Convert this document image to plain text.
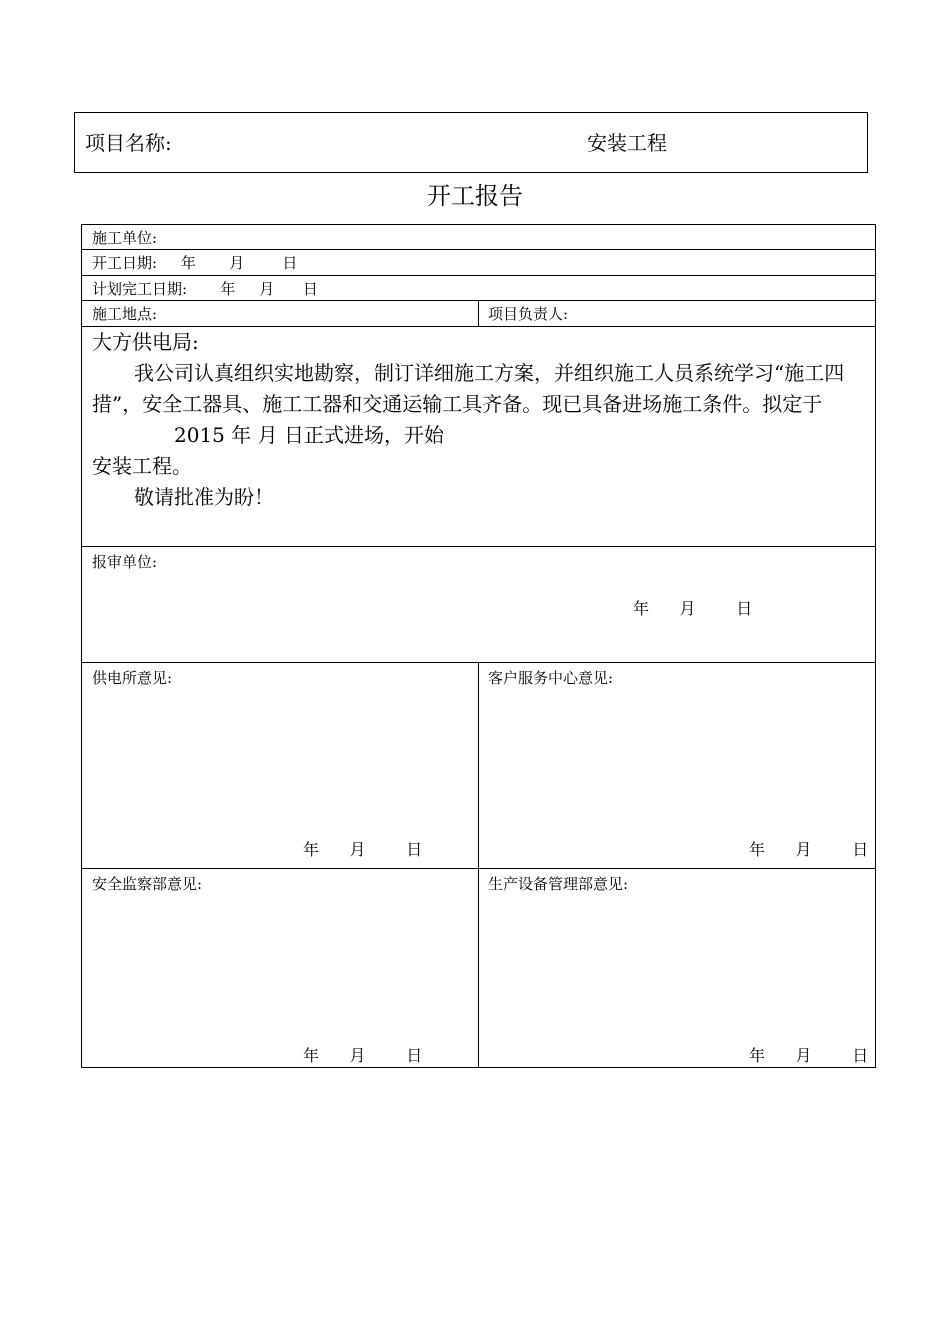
项目名称:	安装工程
开工报告
施工单位:
开工日期:     年       月        日
计划完工日期:       年     月      日
施工地点:	项目负责人:

大方供电局:

我公司认真组织实地勘察，制订详细施工方案，并组织施工人员系统学习“施工四措”，安全工器具、施工工器和交通运输工具齐备。现已具备进场施工条件。拟定于

2015 年 月 日正式进场，开始

安装工程。

敬请批准为盼！

报审单位:
年      月        日
供电所意见:
年      月        日
客户服务中心意见:
年      月        日
安全监察部意见:
年      月        日
生产设备管理部意见:
年      月        日
